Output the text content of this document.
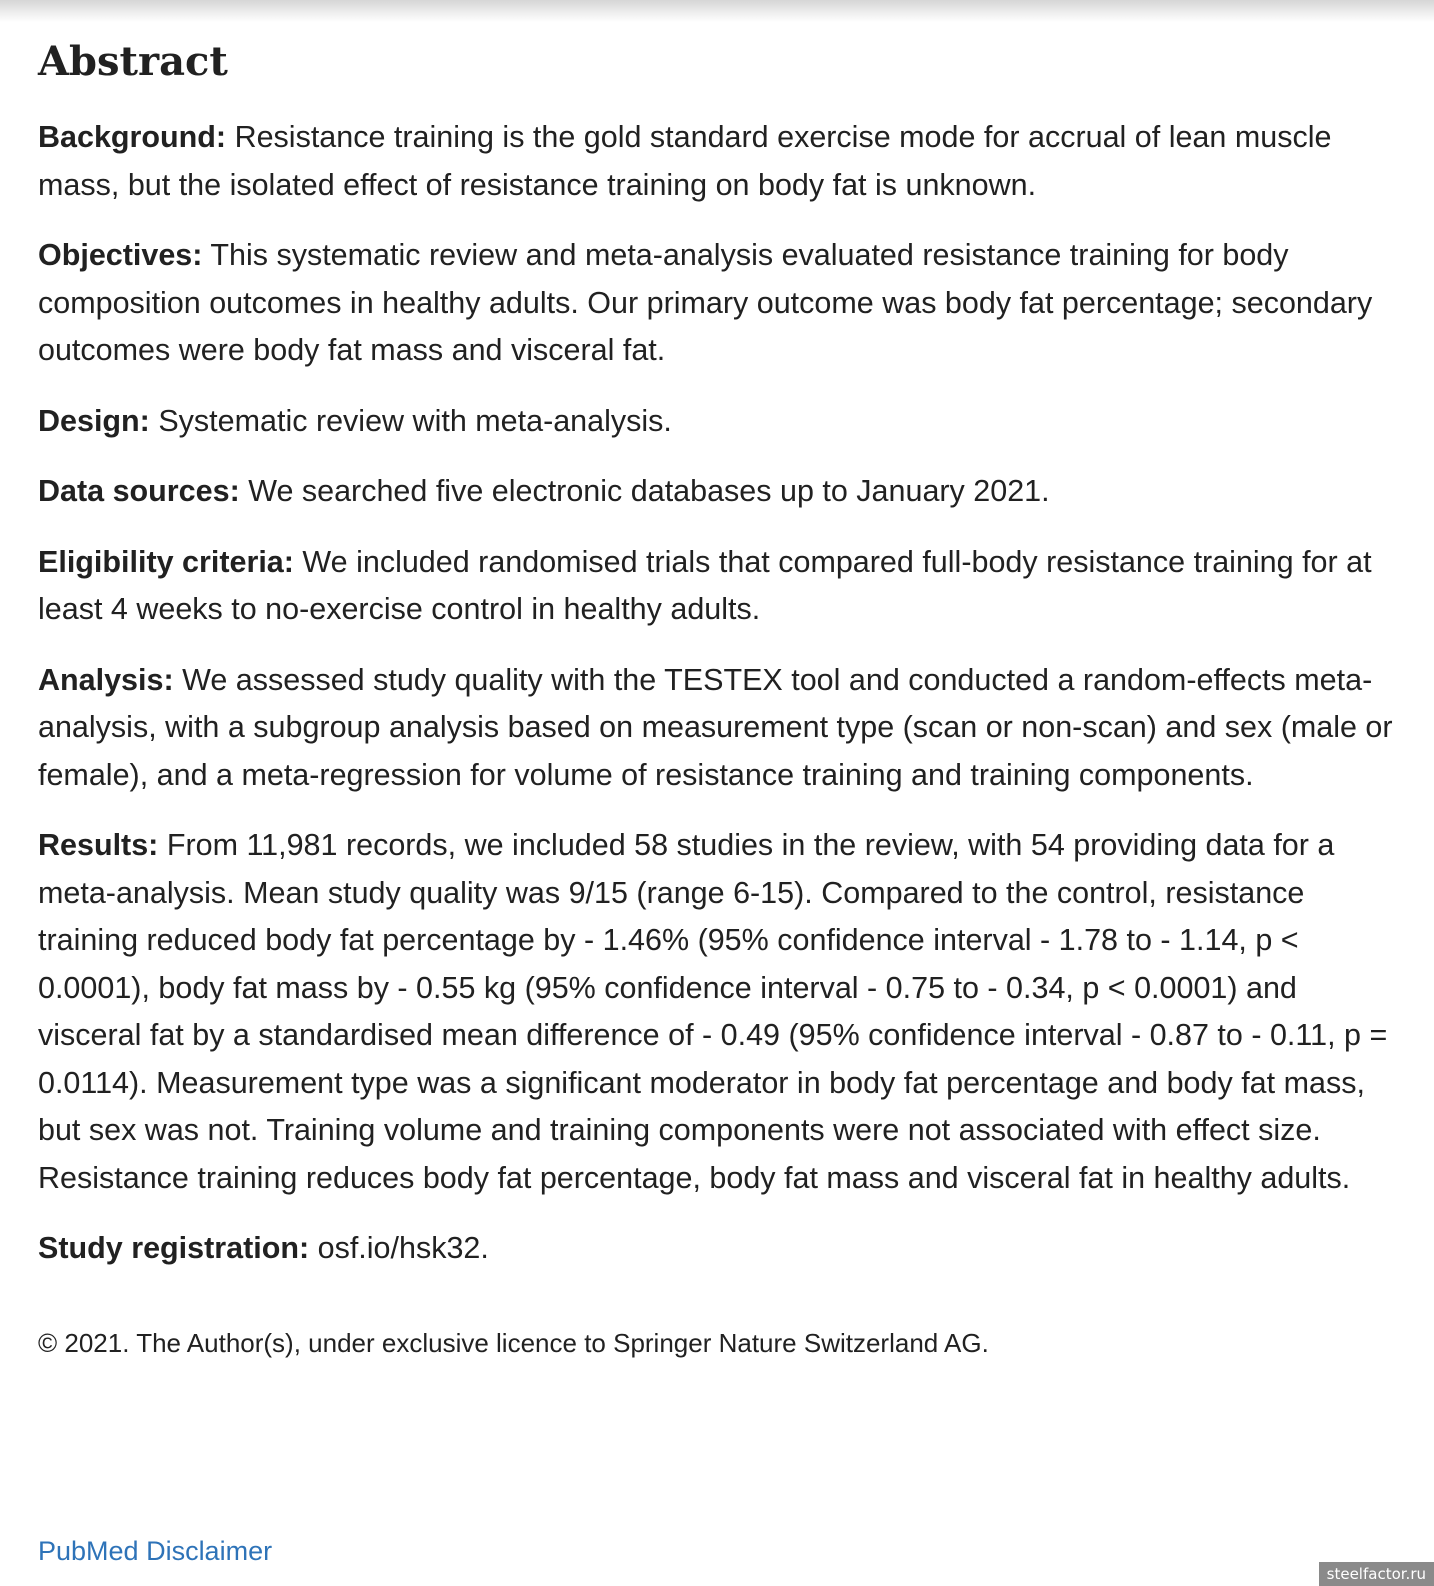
Abstract

Background: Resistance training is the gold standard exercise mode for accrual of lean muscle mass, but the isolated effect of resistance training on body fat is unknown.

Objectives: This systematic review and meta-analysis evaluated resistance training for body composition outcomes in healthy adults. Our primary outcome was body fat percentage; secondary outcomes were body fat mass and visceral fat.

Design: Systematic review with meta-analysis.

Data sources: We searched five electronic databases up to January 2021.

Eligibility criteria: We included randomised trials that compared full-body resistance training for at least 4 weeks to no-exercise control in healthy adults.

Analysis: We assessed study quality with the TESTEX tool and conducted a random-effects meta-analysis, with a subgroup analysis based on measurement type (scan or non-scan) and sex (male or female), and a meta-regression for volume of resistance training and training components.

Results: From 11,981 records, we included 58 studies in the review, with 54 providing data for a meta-analysis. Mean study quality was 9/15 (range 6-15). Compared to the control, resistance training reduced body fat percentage by - 1.46% (95% confidence interval - 1.78 to - 1.14, p < 0.0001), body fat mass by - 0.55 kg (95% confidence interval - 0.75 to - 0.34, p < 0.0001) and visceral fat by a standardised mean difference of - 0.49 (95% confidence interval - 0.87 to - 0.11, p = 0.0114). Measurement type was a significant moderator in body fat percentage and body fat mass, but sex was not. Training volume and training components were not associated with effect size. Resistance training reduces body fat percentage, body fat mass and visceral fat in healthy adults.

Study registration: osf.io/hsk32.

© 2021. The Author(s), under exclusive licence to Springer Nature Switzerland AG.

PubMed Disclaimer
steelfactor.ru
